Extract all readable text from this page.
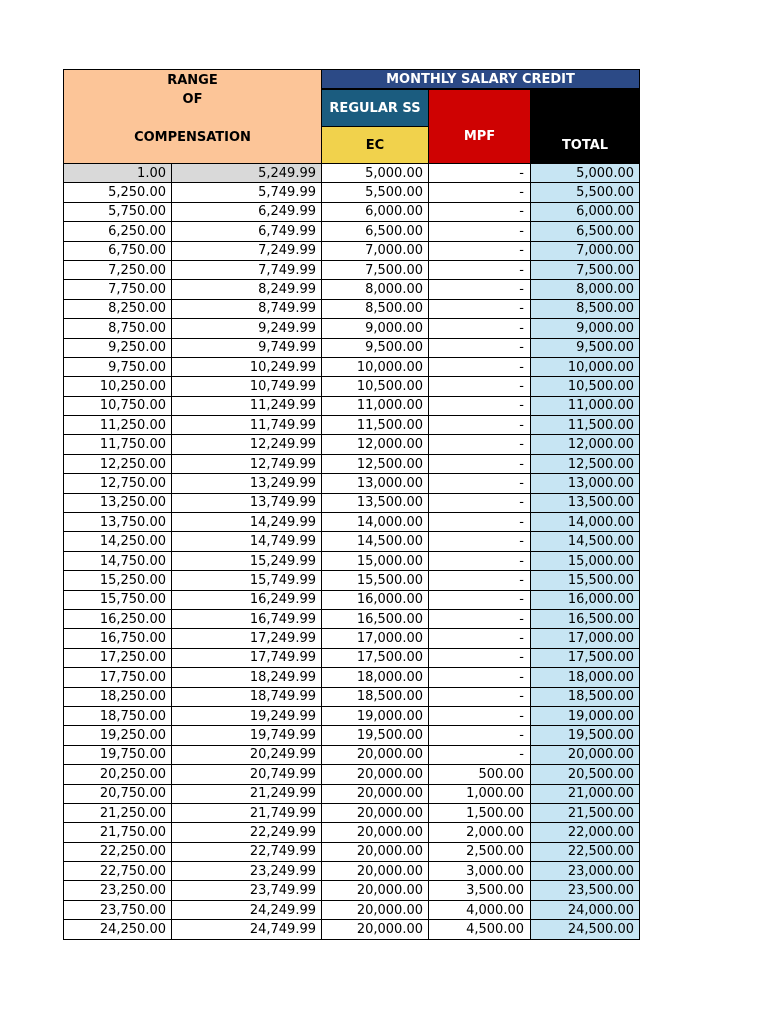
RANGE
OF
COMPENSATION		MONTHLY SALARY CREDIT		
		REGULAR SS	MPF	TOTAL
		EC		
1.00	5,249.99	5,000.00	-	5,000.00
5,250.00	5,749.99	5,500.00	-	5,500.00
5,750.00	6,249.99	6,000.00	-	6,000.00
6,250.00	6,749.99	6,500.00	-	6,500.00
6,750.00	7,249.99	7,000.00	-	7,000.00
7,250.00	7,749.99	7,500.00	-	7,500.00
7,750.00	8,249.99	8,000.00	-	8,000.00
8,250.00	8,749.99	8,500.00	-	8,500.00
8,750.00	9,249.99	9,000.00	-	9,000.00
9,250.00	9,749.99	9,500.00	-	9,500.00
9,750.00	10,249.99	10,000.00	-	10,000.00
10,250.00	10,749.99	10,500.00	-	10,500.00
10,750.00	11,249.99	11,000.00	-	11,000.00
11,250.00	11,749.99	11,500.00	-	11,500.00
11,750.00	12,249.99	12,000.00	-	12,000.00
12,250.00	12,749.99	12,500.00	-	12,500.00
12,750.00	13,249.99	13,000.00	-	13,000.00
13,250.00	13,749.99	13,500.00	-	13,500.00
13,750.00	14,249.99	14,000.00	-	14,000.00
14,250.00	14,749.99	14,500.00	-	14,500.00
14,750.00	15,249.99	15,000.00	-	15,000.00
15,250.00	15,749.99	15,500.00	-	15,500.00
15,750.00	16,249.99	16,000.00	-	16,000.00
16,250.00	16,749.99	16,500.00	-	16,500.00
16,750.00	17,249.99	17,000.00	-	17,000.00
17,250.00	17,749.99	17,500.00	-	17,500.00
17,750.00	18,249.99	18,000.00	-	18,000.00
18,250.00	18,749.99	18,500.00	-	18,500.00
18,750.00	19,249.99	19,000.00	-	19,000.00
19,250.00	19,749.99	19,500.00	-	19,500.00
19,750.00	20,249.99	20,000.00	-	20,000.00
20,250.00	20,749.99	20,000.00	500.00	20,500.00
20,750.00	21,249.99	20,000.00	1,000.00	21,000.00
21,250.00	21,749.99	20,000.00	1,500.00	21,500.00
21,750.00	22,249.99	20,000.00	2,000.00	22,000.00
22,250.00	22,749.99	20,000.00	2,500.00	22,500.00
22,750.00	23,249.99	20,000.00	3,000.00	23,000.00
23,250.00	23,749.99	20,000.00	3,500.00	23,500.00
23,750.00	24,249.99	20,000.00	4,000.00	24,000.00
24,250.00	24,749.99	20,000.00	4,500.00	24,500.00
